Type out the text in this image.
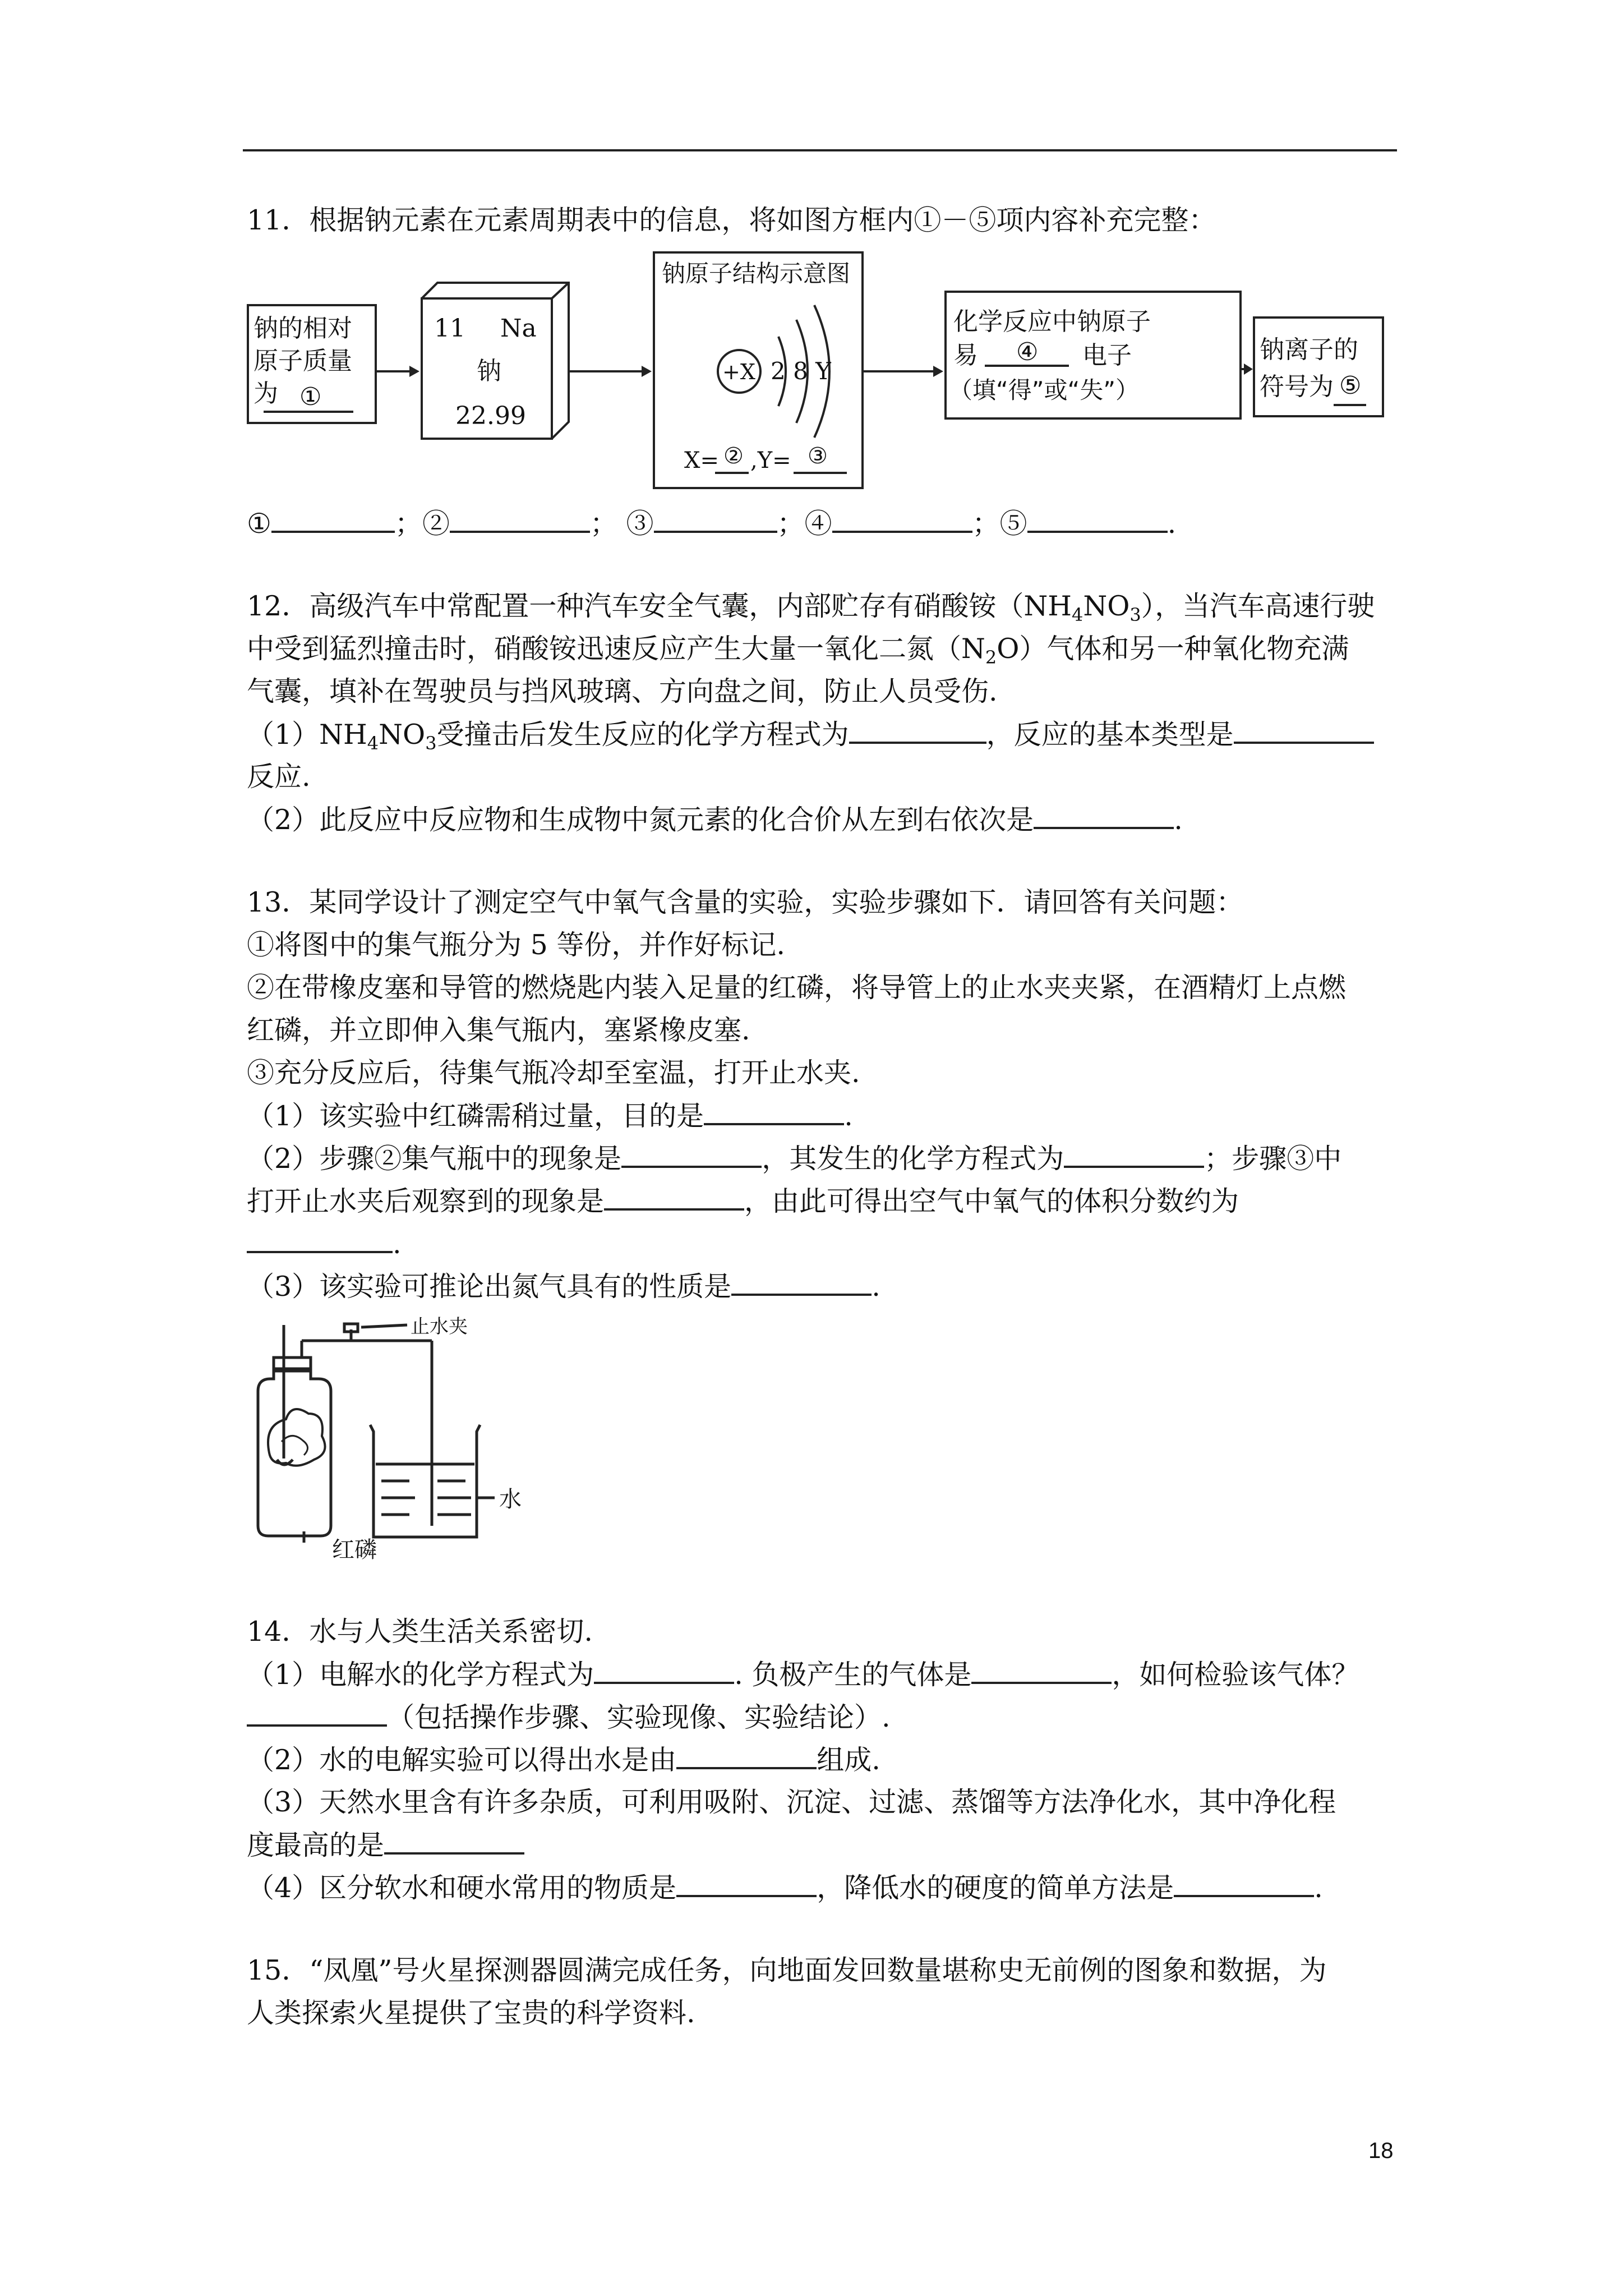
11．根据钠元素在元素周期表中的信息，将如图方框内①－⑤项内容补充完整：
钠的相对
原子质量
为 ①
11 Na
钠
22.99
钠原子结构示意图
+X 2 8 Y
X= ② ,Y= ③
化学反应中钠原子
易 ④ 电子
（填“得”或“失”）
钠离子的
符号为 ⑤
①	；②	； ③	；④	；⑤	.
12．高级汽车中常配置一种汽车安全气囊，内部贮存有硝酸铵$(NH_4NO_3)$，当汽车高速行驶
中受到猛烈撞击时，硝酸铵迅速反应产生大量一氧化二氮$(N_2O)$气体和另一种氧化物充满
气囊，填补在驾驶员与挡风玻璃、方向盘之间，防止人员受伤.
$(1)NH_4NO_3$受撞击后发生反应的化学方程式为	，反应的基本类型是
反应.
（2）此反应中反应物和生成物中氮元素的化合价从左到右依次是	.
13．某同学设计了测定空气中氧气含量的实验，实验步骤如下．请回答有关问题：
①将图中的集气瓶分为 5 等份，并作好标记.
②在带橡皮塞和导管的燃烧匙内装入足量的红磷，将导管上的止水夹夹紧，在酒精灯上点燃
红磷，并立即伸入集气瓶内，塞紧橡皮塞.
③充分反应后，待集气瓶冷却至室温，打开止水夹.
（1）该实验中红磷需稍过量，目的是	.
（2）步骤②集气瓶中的现象是	，其发生的化学方程式为	；步骤③中
打开止水夹后观察到的现象是	，由此可得出空气中氧气的体积分数约为
.
（3）该实验可推论出氮气具有的性质是	.
止水夹
水
红磷
14．水与人类生活关系密切.
（1）电解水的化学方程式为	. 负极产生的气体是	，如何检验该气体？
（包括操作步骤、实验现像、实验结论）.
（2）水的电解实验可以得出水是由	组成.
（3）天然水里含有许多杂质，可利用吸附、沉淀、过滤、蒸馏等方法净化水，其中净化程
度最高的是
（4）区分软水和硬水常用的物质是	，降低水的硬度的简单方法是	.
15．“凤凰”号火星探测器圆满完成任务，向地面发回数量堪称史无前例的图象和数据，为
人类探索火星提供了宝贵的科学资料.
18
